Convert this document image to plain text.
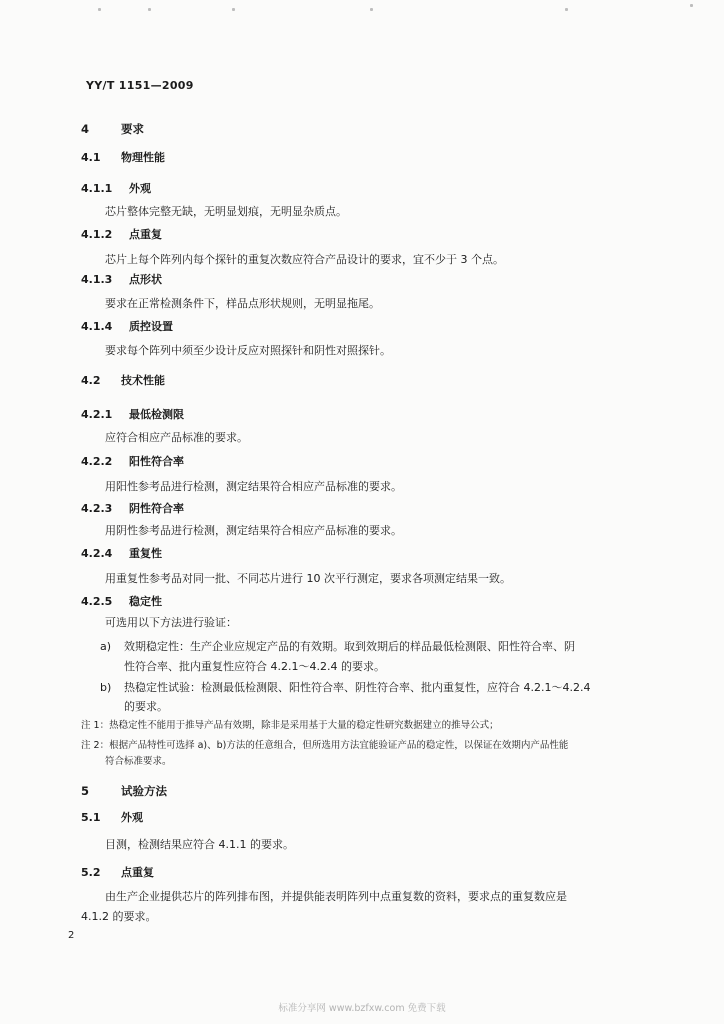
YY/T 1151—2009
4	要求
4.1 物理性能
4.1.1 外观
芯片整体完整无缺，无明显划痕，无明显杂质点。
4.1.2 点重复
芯片上每个阵列内每个探针的重复次数应符合产品设计的要求，宜不少于 3 个点。
4.1.3 点形状
要求在正常检测条件下，样品点形状规则，无明显拖尾。
4.1.4 质控设置
要求每个阵列中须至少设计反应对照探针和阴性对照探针。
4.2 技术性能
4.2.1 最低检测限
应符合相应产品标准的要求。
4.2.2 阳性符合率
用阳性参考品进行检测，测定结果符合相应产品标准的要求。
4.2.3 阴性符合率
用阴性参考品进行检测，测定结果符合相应产品标准的要求。
4.2.4 重复性
用重复性参考品对同一批、不同芯片进行 10 次平行测定，要求各项测定结果一致。
4.2.5 稳定性
可选用以下方法进行验证：
a) 效期稳定性：生产企业应规定产品的有效期。取到效期后的样品最低检测限、阳性符合率、阴
性符合率、批内重复性应符合 4.2.1～4.2.4 的要求。
b) 热稳定性试验：检测最低检测限、阳性符合率、阴性符合率、批内重复性，应符合 4.2.1～4.2.4
的要求。
注 1：热稳定性不能用于推导产品有效期，除非是采用基于大量的稳定性研究数据建立的推导公式；
注 2：根据产品特性可选择 a)、b)方法的任意组合，但所选用方法宜能验证产品的稳定性，以保证在效期内产品性能
符合标准要求。
5	试验方法
5.1 外观
目测，检测结果应符合 4.1.1 的要求。
5.2 点重复
由生产企业提供芯片的阵列排布图，并提供能表明阵列中点重复数的资料，要求点的重复数应是
4.1.2 的要求。
2
标准分享网 www.bzfxw.com 免费下载
